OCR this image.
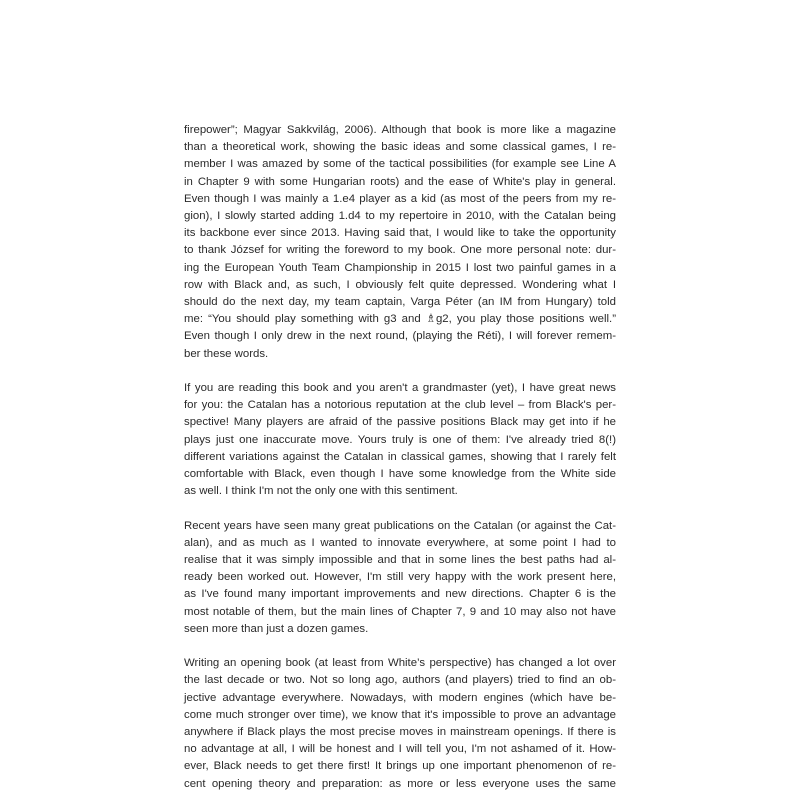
firepower”; Magyar Sakkvilág, 2006). Although that book is more like a magazine
than a theoretical work, showing the basic ideas and some classical games, I re-
member I was amazed by some of the tactical possibilities (for example see Line A
in Chapter 9 with some Hungarian roots) and the ease of White's play in general.
Even though I was mainly a 1.e4 player as a kid (as most of the peers from my re-
gion), I slowly started adding 1.d4 to my repertoire in 2010, with the Catalan being
its backbone ever since 2013. Having said that, I would like to take the opportunity
to thank József for writing the foreword to my book. One more personal note: dur-
ing the European Youth Team Championship in 2015 I lost two painful games in a
row with Black and, as such, I obviously felt quite depressed. Wondering what I
should do the next day, my team captain, Varga Péter (an IM from Hungary) told
me: “You should play something with g3 and ♗g2, you play those positions well.”
Even though I only drew in the next round, (playing the Réti), I will forever remem-
ber these words.
If you are reading this book and you aren't a grandmaster (yet), I have great news
for you: the Catalan has a notorious reputation at the club level – from Black's per-
spective! Many players are afraid of the passive positions Black may get into if he
plays just one inaccurate move. Yours truly is one of them: I've already tried 8(!)
different variations against the Catalan in classical games, showing that I rarely felt
comfortable with Black, even though I have some knowledge from the White side
as well. I think I'm not the only one with this sentiment.
Recent years have seen many great publications on the Catalan (or against the Cat-
alan), and as much as I wanted to innovate everywhere, at some point I had to
realise that it was simply impossible and that in some lines the best paths had al-
ready been worked out. However, I'm still very happy with the work present here,
as I've found many important improvements and new directions. Chapter 6 is the
most notable of them, but the main lines of Chapter 7, 9 and 10 may also not have
seen more than just a dozen games.
Writing an opening book (at least from White’s perspective) has changed a lot over
the last decade or two. Not so long ago, authors (and players) tried to find an ob-
jective advantage everywhere. Nowadays, with modern engines (which have be-
come much stronger over time), we know that it's impossible to prove an advantage
anywhere if Black plays the most precise moves in mainstream openings. If there is
no advantage at all, I will be honest and I will tell you, I'm not ashamed of it. How-
ever, Black needs to get there first! It brings up one important phenomenon of re-
cent opening theory and preparation: as more or less everyone uses the same
